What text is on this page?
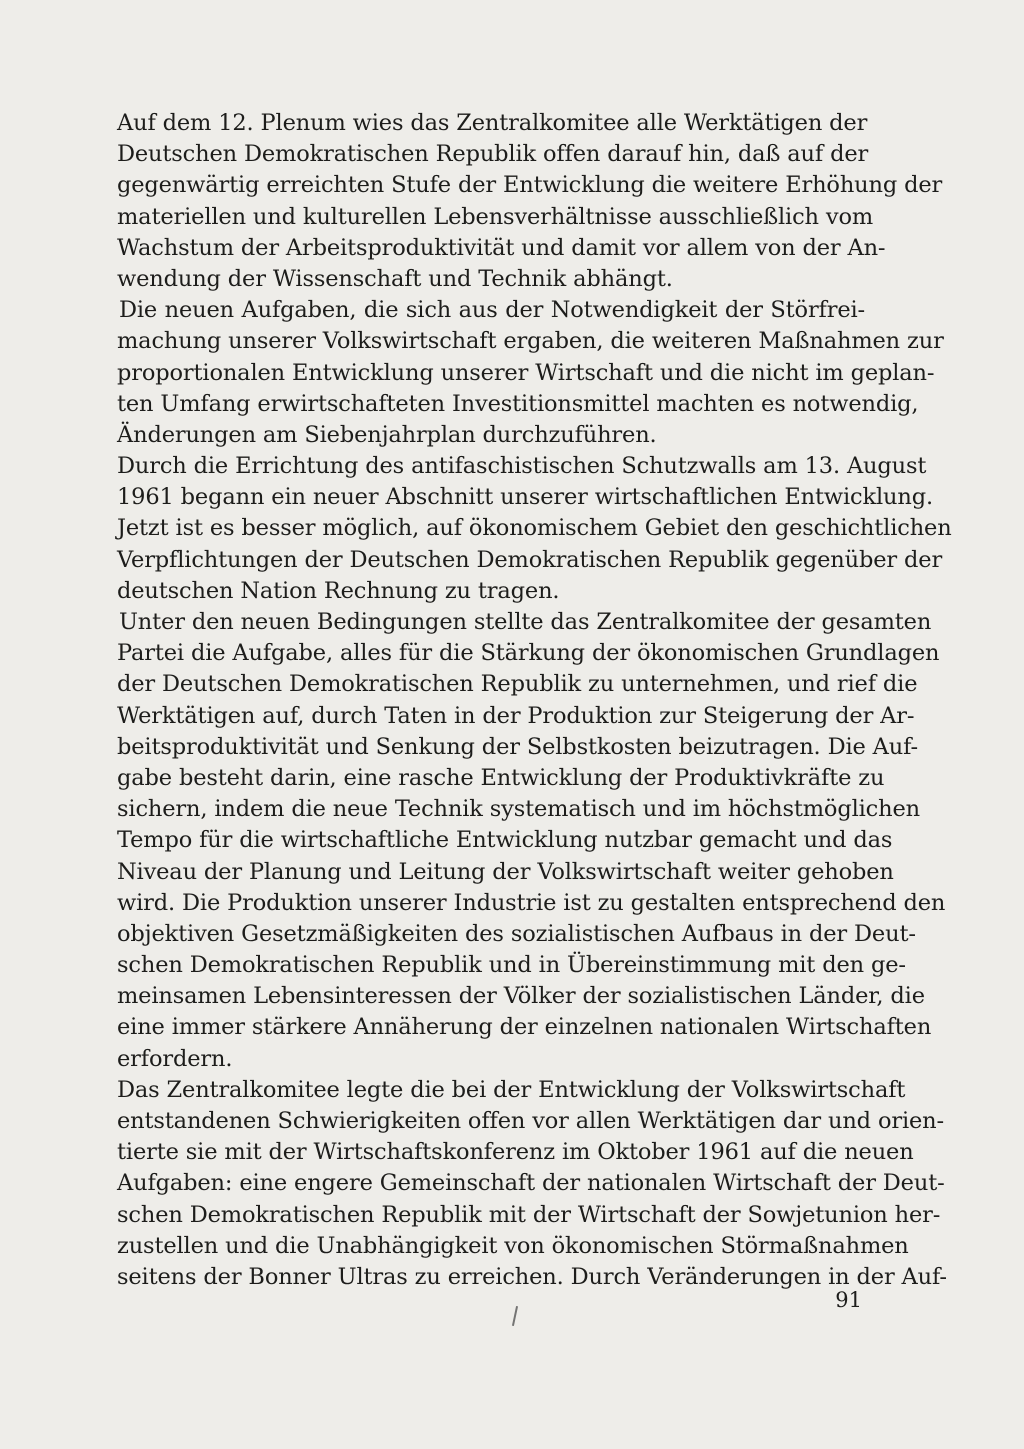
Auf dem 12. Plenum wies das Zentralkomitee alle Werktätigen der
Deutschen Demokratischen Republik offen darauf hin, daß auf der
gegenwärtig erreichten Stufe der Entwicklung die weitere Erhöhung der
materiellen und kulturellen Lebensverhältnisse ausschließlich vom
Wachstum der Arbeitsproduktivität und damit vor allem von der An-
wendung der Wissenschaft und Technik abhängt.
Die neuen Aufgaben, die sich aus der Notwendigkeit der Störfrei-
machung unserer Volkswirtschaft ergaben, die weiteren Maßnahmen zur
proportionalen Entwicklung unserer Wirtschaft und die nicht im geplan-
ten Umfang erwirtschafteten Investitionsmittel machten es notwendig,
Änderungen am Siebenjahrplan durchzuführen.
Durch die Errichtung des antifaschistischen Schutzwalls am 13. August
1961 begann ein neuer Abschnitt unserer wirtschaftlichen Entwicklung.
Jetzt ist es besser möglich, auf ökonomischem Gebiet den geschichtlichen
Verpflichtungen der Deutschen Demokratischen Republik gegenüber der
deutschen Nation Rechnung zu tragen.
Unter den neuen Bedingungen stellte das Zentralkomitee der gesamten
Partei die Aufgabe, alles für die Stärkung der ökonomischen Grundlagen
der Deutschen Demokratischen Republik zu unternehmen, und rief die
Werktätigen auf, durch Taten in der Produktion zur Steigerung der Ar-
beitsproduktivität und Senkung der Selbstkosten beizutragen. Die Auf-
gabe besteht darin, eine rasche Entwicklung der Produktivkräfte zu
sichern, indem die neue Technik systematisch und im höchstmöglichen
Tempo für die wirtschaftliche Entwicklung nutzbar gemacht und das
Niveau der Planung und Leitung der Volkswirtschaft weiter gehoben
wird. Die Produktion unserer Industrie ist zu gestalten entsprechend den
objektiven Gesetzmäßigkeiten des sozialistischen Aufbaus in der Deut-
schen Demokratischen Republik und in Übereinstimmung mit den ge-
meinsamen Lebensinteressen der Völker der sozialistischen Länder, die
eine immer stärkere Annäherung der einzelnen nationalen Wirtschaften
erfordern.
Das Zentralkomitee legte die bei der Entwicklung der Volkswirtschaft
entstandenen Schwierigkeiten offen vor allen Werktätigen dar und orien-
tierte sie mit der Wirtschaftskonferenz im Oktober 1961 auf die neuen
Aufgaben: eine engere Gemeinschaft der nationalen Wirtschaft der Deut-
schen Demokratischen Republik mit der Wirtschaft der Sowjetunion her-
zustellen und die Unabhängigkeit von ökonomischen Störmaßnahmen
seitens der Bonner Ultras zu erreichen. Durch Veränderungen in der Auf-
91
